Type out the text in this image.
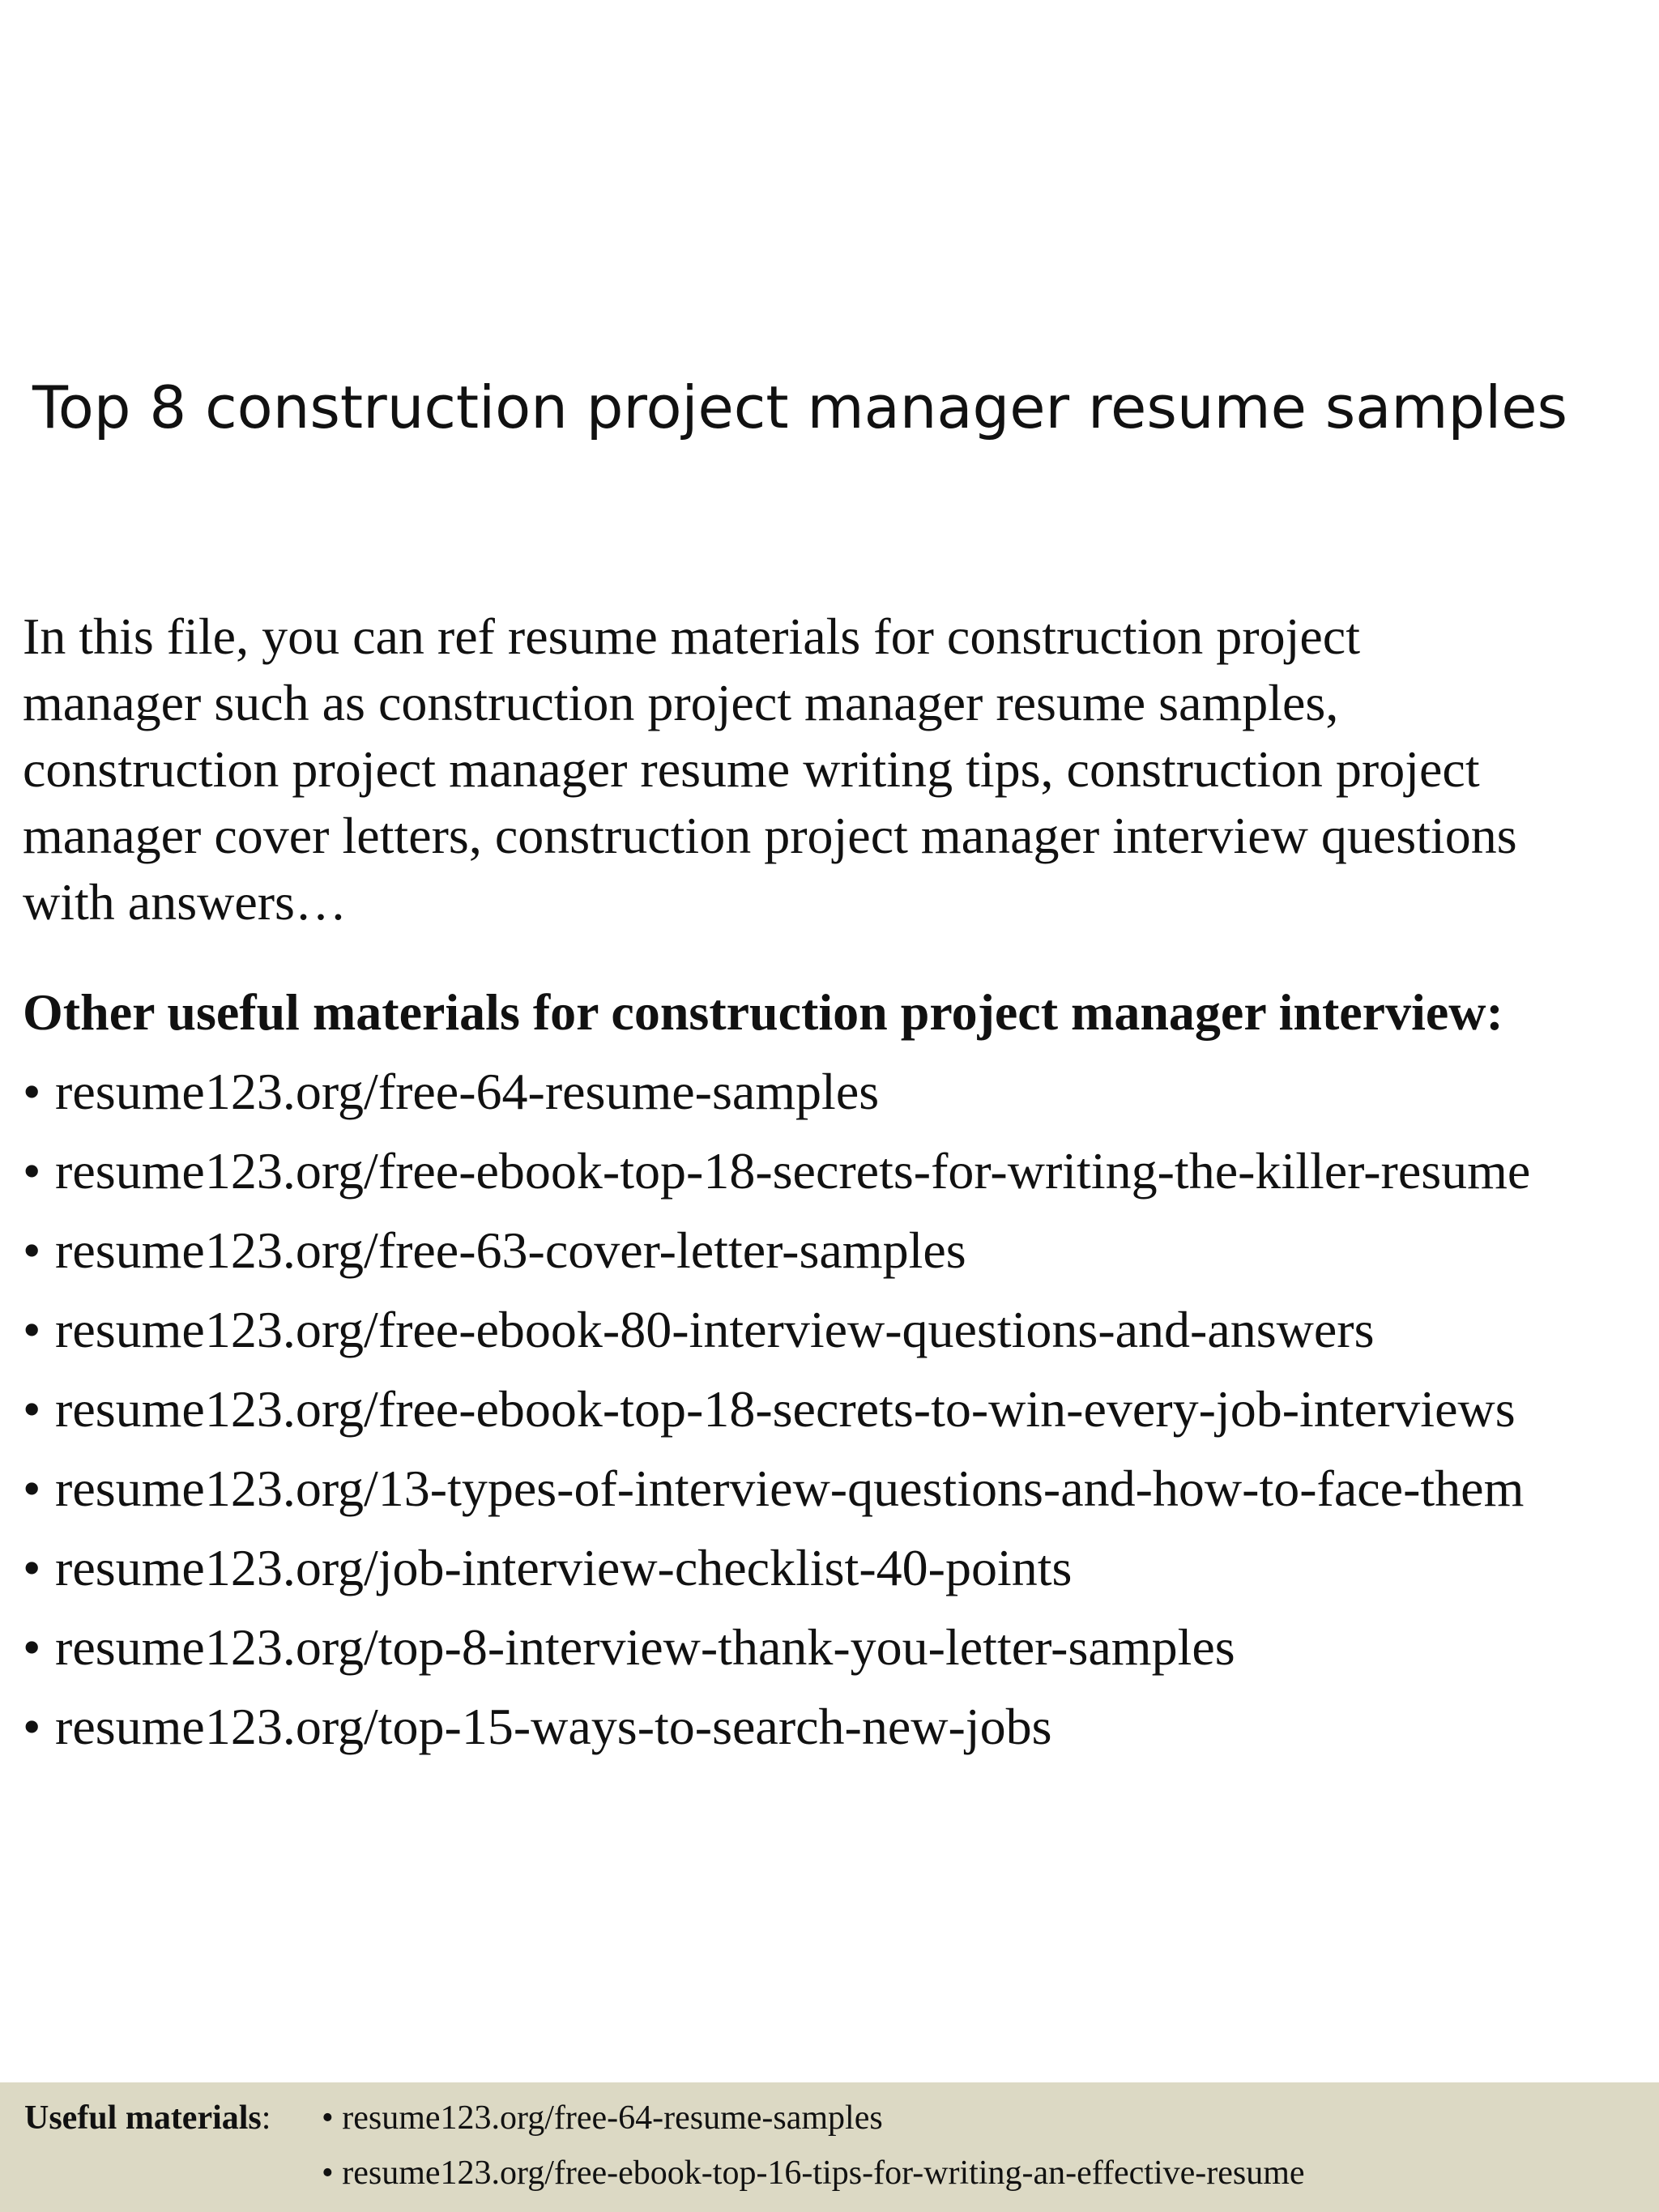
Top 8 construction project manager resume samples
In this file, you can ref resume materials for construction project
manager such as construction project manager resume samples,
construction project manager resume writing tips, construction project
manager cover letters, construction project manager interview questions
with answers…
Other useful materials for construction project manager interview:
• resume123.org/free-64-resume-samples
• resume123.org/free-ebook-top-18-secrets-for-writing-the-killer-resume
• resume123.org/free-63-cover-letter-samples
• resume123.org/free-ebook-80-interview-questions-and-answers
• resume123.org/free-ebook-top-18-secrets-to-win-every-job-interviews
• resume123.org/13-types-of-interview-questions-and-how-to-face-them
• resume123.org/job-interview-checklist-40-points
• resume123.org/top-8-interview-thank-you-letter-samples
• resume123.org/top-15-ways-to-search-new-jobs
Useful materials: • resume123.org/free-64-resume-samples
• resume123.org/free-ebook-top-16-tips-for-writing-an-effective-resume
